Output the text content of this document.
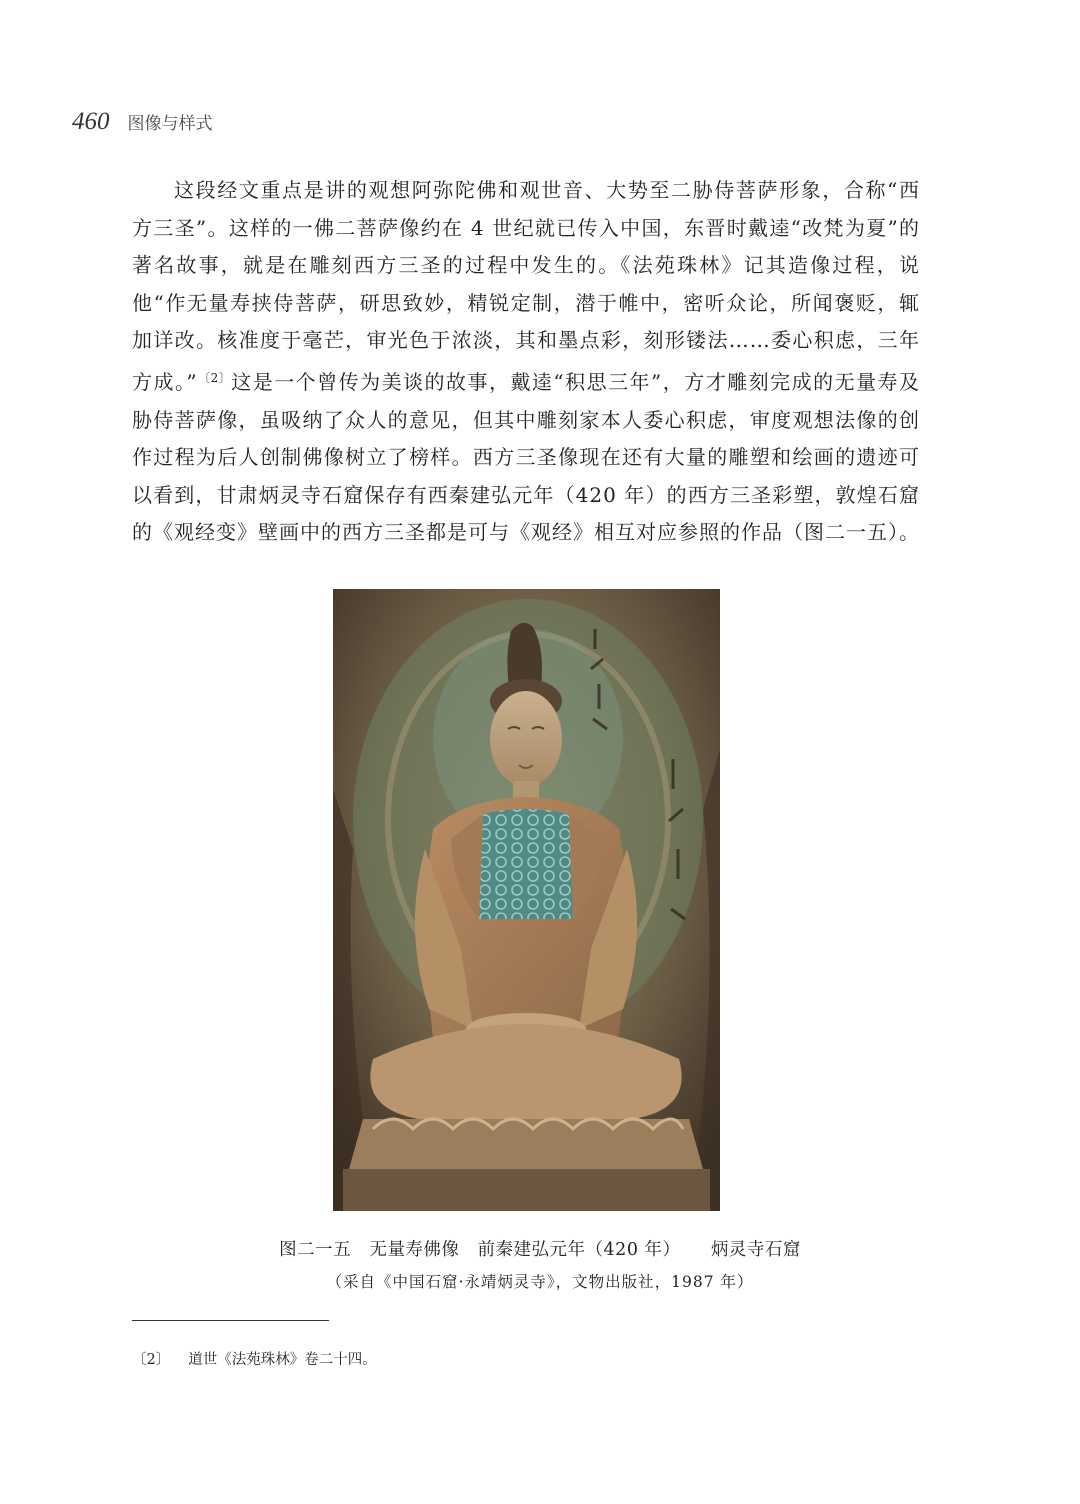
460 图像与样式

这段经文重点是讲的观想阿弥陀佛和观世音、大势至二胁侍菩萨形象，合称“西方三圣”。这样的一佛二菩萨像约在 4 世纪就已传入中国，东晋时戴逵“改梵为夏”的著名故事，就是在雕刻西方三圣的过程中发生的。《法苑珠林》记其造像过程，说他“作无量寿挟侍菩萨，研思致妙，精锐定制，潜于帷中，密听众论，所闻褒贬，辄加详改。核准度于毫芒，审光色于浓淡，其和墨点彩，刻形镂法……委心积虑，三年方成。”$^{〔2〕}$这是一个曾传为美谈的故事，戴逵“积思三年”，方才雕刻完成的无量寿及胁侍菩萨像，虽吸纳了众人的意见，但其中雕刻家本人委心积虑，审度观想法像的创作过程为后人创制佛像树立了榜样。西方三圣像现在还有大量的雕塑和绘画的遗迹可以看到，甘肃炳灵寺石窟保存有西秦建弘元年（420 年）的西方三圣彩塑，敦煌石窟的《观经变》壁画中的西方三圣都是可与《观经》相互对应参照的作品（图二一五）。

图二一五 无量寿佛像 前秦建弘元年（420 年） 炳灵寺石窟
（采自《中国石窟·永靖炳灵寺》，文物出版社，1987 年）
〔2〕 道世《法苑珠林》卷二十四。
